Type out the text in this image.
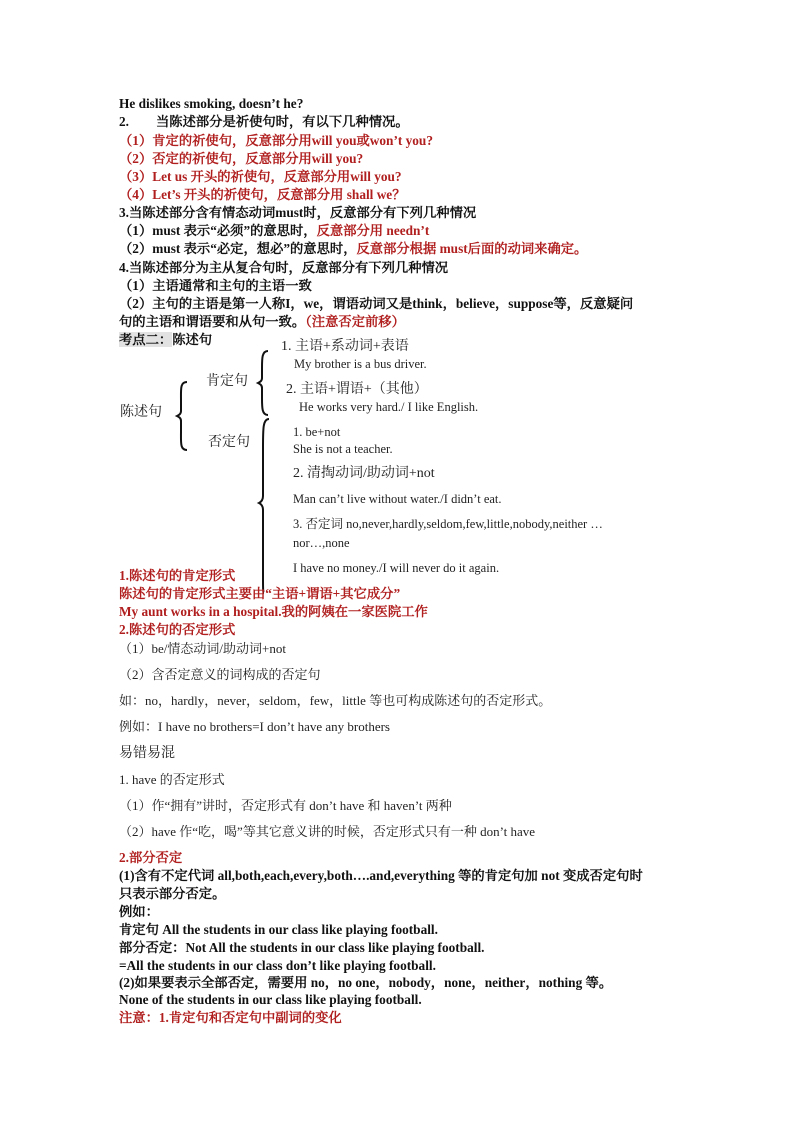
He dislikes smoking, doesn’t he?
2. 当陈述部分是祈使句时，有以下几种情况。
（1）肯定的祈使句，反意部分用will you或won’t you?
（2）否定的祈使句，反意部分用will you?
（3）Let us 开头的祈使句，反意部分用will you?
（4）Let’s 开头的祈使句，反意部分用 shall we？
3.当陈述部分含有情态动词must时，反意部分有下列几种情况
（1）must 表示“必须”的意思时，反意部分用 needn’t
（2）must 表示“必定，想必”的意思时，反意部分根据 must后面的动词来确定。
4.当陈述部分为主从复合句时，反意部分有下列几种情况
（1）主语通常和主句的主语一致
（2）主句的主语是第一人称I，we，谓语动词又是think，believe，suppose等，反意疑问
句的主语和谓语要和从句一致。（注意否定前移）
考点二：陈述句
陈述句
肯定句
否定句
1. 主语+系动词+表语
My brother is a bus driver.
2. 主语+谓语+（其他）
He works very hard./ I like English.
1. be+not
She is not a teacher.
2. 清掏动词/助动词+not
Man can’t live without water./I didn’t eat.
3. 否定词 no,never,hardly,seldom,few,little,nobody,neither …
nor…,none
I have no money./I will never do it again.
1.陈述句的肯定形式
陈述句的肯定形式主要由“主语+谓语+其它成分”
My aunt works in a hospital.我的阿姨在一家医院工作
2.陈述句的否定形式
（1）be/情态动词/助动词+not
（2）含否定意义的词构成的否定句
如：no，hardly，never，seldom，few，little 等也可构成陈述句的否定形式。
例如：I have no brothers=I don’t have any brothers
易错易混
1. have 的否定形式
（1）作“拥有”讲时，否定形式有 don’t have 和 haven’t 两种
（2）have 作“吃，喝”等其它意义讲的时候，否定形式只有一种 don’t have
2.部分否定
(1)含有不定代词 all,both,each,every,both….and,everything 等的肯定句加 not 变成否定句时
只表示部分否定。
例如：
肯定句 All the students in our class like playing football.
部分否定：Not All the students in our class like playing football.
=All the students in our class don’t like playing football.
(2)如果要表示全部否定，需要用 no，no one，nobody，none，neither，nothing 等。
None of the students in our class like playing football.
注意：1.肯定句和否定句中副词的变化
